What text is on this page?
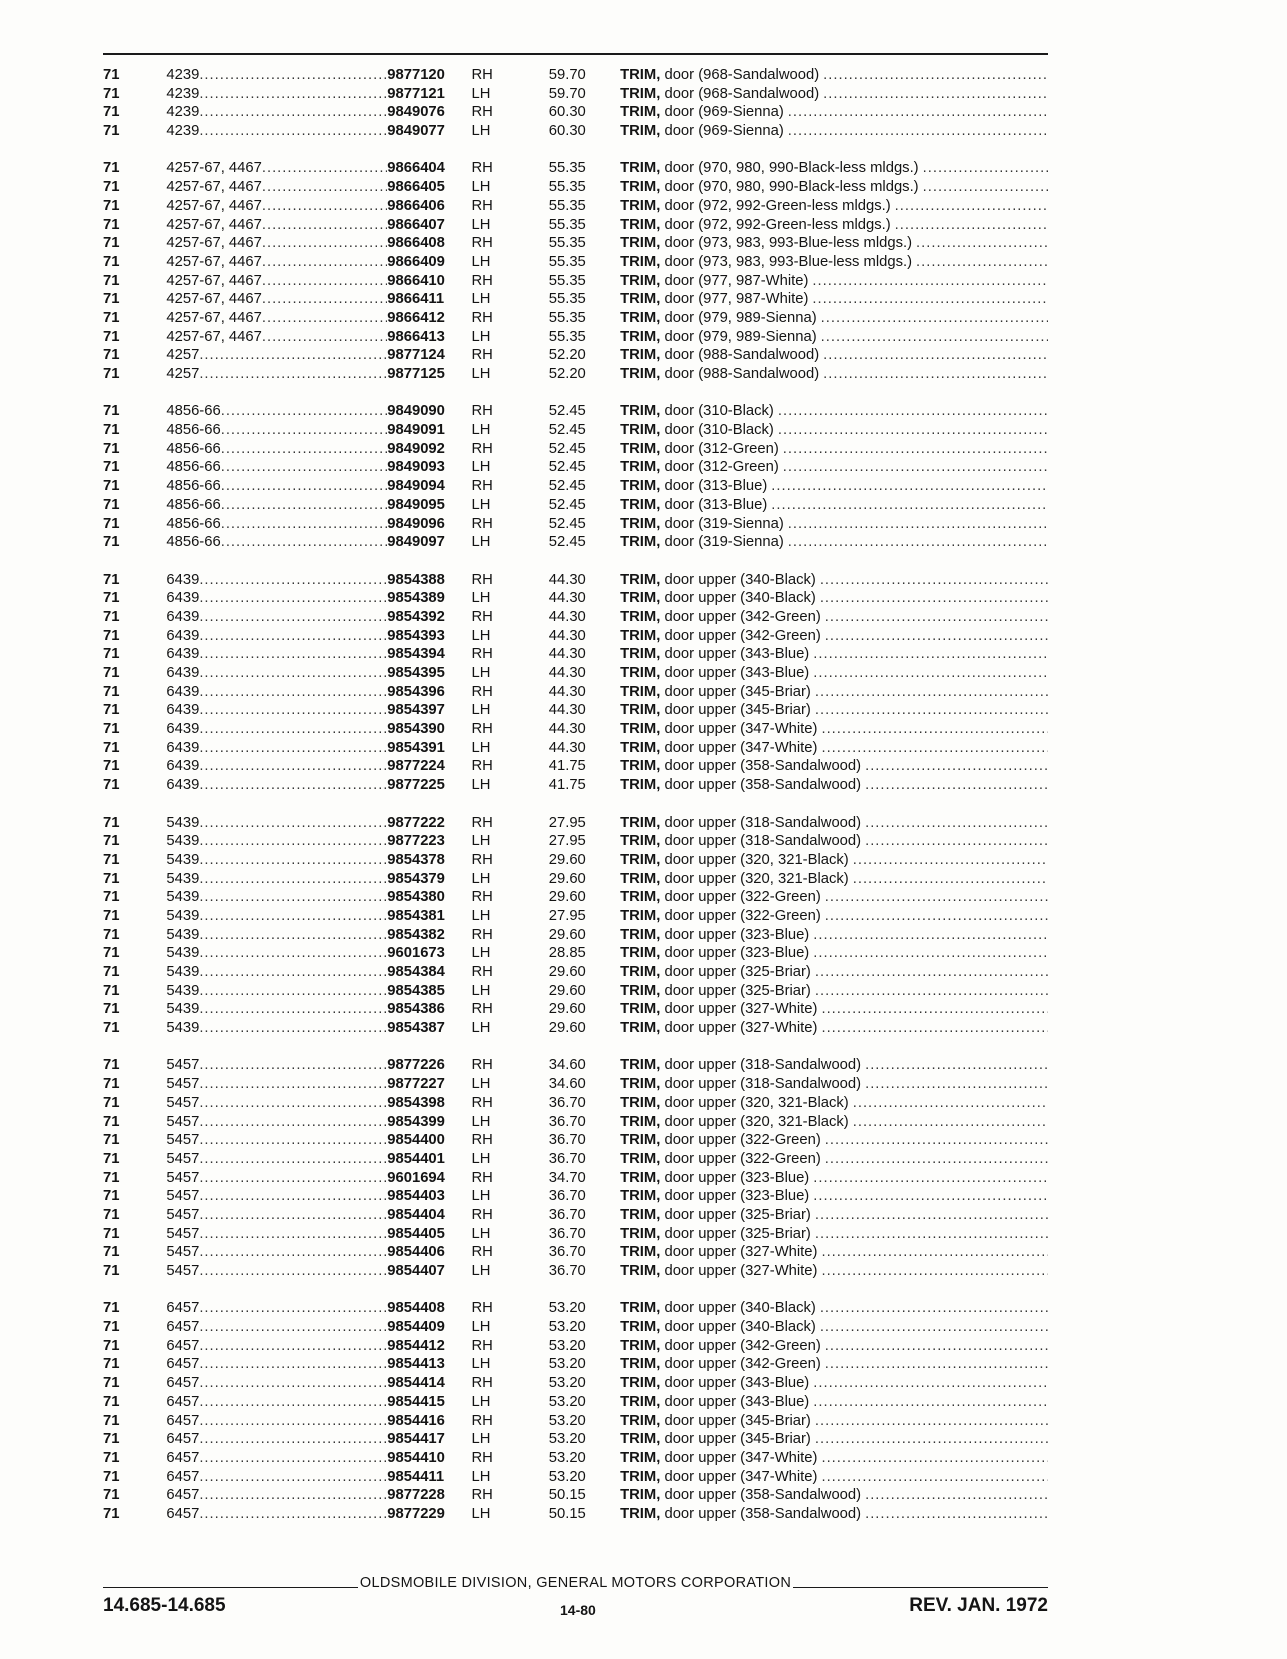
71	4239 .....	9877120	RH	59.70	TRIM, door (968-Sandalwood)
.....
71	4239 .....	9877121	LH	59.70	TRIM, door (968-Sandalwood)
.....
71	4239 .....	9849076	RH	60.30	TRIM, door (969-Sienna)
.....
71	4239 .....	9849077	LH	60.30	TRIM, door (969-Sienna)
.....
71	4257-67, 4467 .....	9866404	RH	55.35	TRIM, door (970, 980, 990-Black-less mldgs.)
.....
71	4257-67, 4467 .....	9866405	LH	55.35	TRIM, door (970, 980, 990-Black-less mldgs.)
.....
71	4257-67, 4467 .....	9866406	RH	55.35	TRIM, door (972, 992-Green-less mldgs.)
.....
71	4257-67, 4467 .....	9866407	LH	55.35	TRIM, door (972, 992-Green-less mldgs.)
.....
71	4257-67, 4467 .....	9866408	RH	55.35	TRIM, door (973, 983, 993-Blue-less mldgs.)
.....
71	4257-67, 4467 .....	9866409	LH	55.35	TRIM, door (973, 983, 993-Blue-less mldgs.)
.....
71	4257-67, 4467 .....	9866410	RH	55.35	TRIM, door (977, 987-White)
.....
71	4257-67, 4467 .....	9866411	LH	55.35	TRIM, door (977, 987-White)
.....
71	4257-67, 4467 .....	9866412	RH	55.35	TRIM, door (979, 989-Sienna)
.....
71	4257-67, 4467 .....	9866413	LH	55.35	TRIM, door (979, 989-Sienna)
.....
71	4257 .....	9877124	RH	52.20	TRIM, door (988-Sandalwood)
.....
71	4257 .....	9877125	LH	52.20	TRIM, door (988-Sandalwood)
.....
71	4856-66 .....	9849090	RH	52.45	TRIM, door (310-Black)
.....
71	4856-66 .....	9849091	LH	52.45	TRIM, door (310-Black)
.....
71	4856-66 .....	9849092	RH	52.45	TRIM, door (312-Green)
.....
71	4856-66 .....	9849093	LH	52.45	TRIM, door (312-Green)
.....
71	4856-66 .....	9849094	RH	52.45	TRIM, door (313-Blue)
.....
71	4856-66 .....	9849095	LH	52.45	TRIM, door (313-Blue)
.....
71	4856-66 .....	9849096	RH	52.45	TRIM, door (319-Sienna)
.....
71	4856-66 .....	9849097	LH	52.45	TRIM, door (319-Sienna)
.....
71	6439 .....	9854388	RH	44.30	TRIM, door upper (340-Black)
.....
71	6439 .....	9854389	LH	44.30	TRIM, door upper (340-Black)
.....
71	6439 .....	9854392	RH	44.30	TRIM, door upper (342-Green)
.....
71	6439 .....	9854393	LH	44.30	TRIM, door upper (342-Green)
.....
71	6439 .....	9854394	RH	44.30	TRIM, door upper (343-Blue)
.....
71	6439 .....	9854395	LH	44.30	TRIM, door upper (343-Blue)
.....
71	6439 .....	9854396	RH	44.30	TRIM, door upper (345-Briar)
.....
71	6439 .....	9854397	LH	44.30	TRIM, door upper (345-Briar)
.....
71	6439 .....	9854390	RH	44.30	TRIM, door upper (347-White)
.....
71	6439 .....	9854391	LH	44.30	TRIM, door upper (347-White)
.....
71	6439 .....	9877224	RH	41.75	TRIM, door upper (358-Sandalwood)
.....
71	6439 .....	9877225	LH	41.75	TRIM, door upper (358-Sandalwood)
.....
71	5439 .....	9877222	RH	27.95	TRIM, door upper (318-Sandalwood)
.....
71	5439 .....	9877223	LH	27.95	TRIM, door upper (318-Sandalwood)
.....
71	5439 .....	9854378	RH	29.60	TRIM, door upper (320, 321-Black)
.....
71	5439 .....	9854379	LH	29.60	TRIM, door upper (320, 321-Black)
.....
71	5439 .....	9854380	RH	29.60	TRIM, door upper (322-Green)
.....
71	5439 .....	9854381	LH	27.95	TRIM, door upper (322-Green)
.....
71	5439 .....	9854382	RH	29.60	TRIM, door upper (323-Blue)
.....
71	5439 .....	9601673	LH	28.85	TRIM, door upper (323-Blue)
.....
71	5439 .....	9854384	RH	29.60	TRIM, door upper (325-Briar)
.....
71	5439 .....	9854385	LH	29.60	TRIM, door upper (325-Briar)
.....
71	5439 .....	9854386	RH	29.60	TRIM, door upper (327-White)
.....
71	5439 .....	9854387	LH	29.60	TRIM, door upper (327-White)
.....
71	5457 .....	9877226	RH	34.60	TRIM, door upper (318-Sandalwood)
.....
71	5457 .....	9877227	LH	34.60	TRIM, door upper (318-Sandalwood)
.....
71	5457 .....	9854398	RH	36.70	TRIM, door upper (320, 321-Black)
.....
71	5457 .....	9854399	LH	36.70	TRIM, door upper (320, 321-Black)
.....
71	5457 .....	9854400	RH	36.70	TRIM, door upper (322-Green)
.....
71	5457 .....	9854401	LH	36.70	TRIM, door upper (322-Green)
.....
71	5457 .....	9601694	RH	34.70	TRIM, door upper (323-Blue)
.....
71	5457 .....	9854403	LH	36.70	TRIM, door upper (323-Blue)
.....
71	5457 .....	9854404	RH	36.70	TRIM, door upper (325-Briar)
.....
71	5457 .....	9854405	LH	36.70	TRIM, door upper (325-Briar)
.....
71	5457 .....	9854406	RH	36.70	TRIM, door upper (327-White)
.....
71	5457 .....	9854407	LH	36.70	TRIM, door upper (327-White)
.....
71	6457 .....	9854408	RH	53.20	TRIM, door upper (340-Black)
.....
71	6457 .....	9854409	LH	53.20	TRIM, door upper (340-Black)
.....
71	6457 .....	9854412	RH	53.20	TRIM, door upper (342-Green)
.....
71	6457 .....	9854413	LH	53.20	TRIM, door upper (342-Green)
.....
71	6457 .....	9854414	RH	53.20	TRIM, door upper (343-Blue)
.....
71	6457 .....	9854415	LH	53.20	TRIM, door upper (343-Blue)
.....
71	6457 .....	9854416	RH	53.20	TRIM, door upper (345-Briar)
.....
71	6457 .....	9854417	LH	53.20	TRIM, door upper (345-Briar)
.....
71	6457 .....	9854410	RH	53.20	TRIM, door upper (347-White)
.....
71	6457 .....	9854411	LH	53.20	TRIM, door upper (347-White)
.....
71	6457 .....	9877228	RH	50.15	TRIM, door upper (358-Sandalwood)
.....
71	6457 .....	9877229	LH	50.15	TRIM, door upper (358-Sandalwood)
.....
OLDSMOBILE DIVISION, GENERAL MOTORS CORPORATION
14.685-14.685	14-80	REV. JAN. 1972
